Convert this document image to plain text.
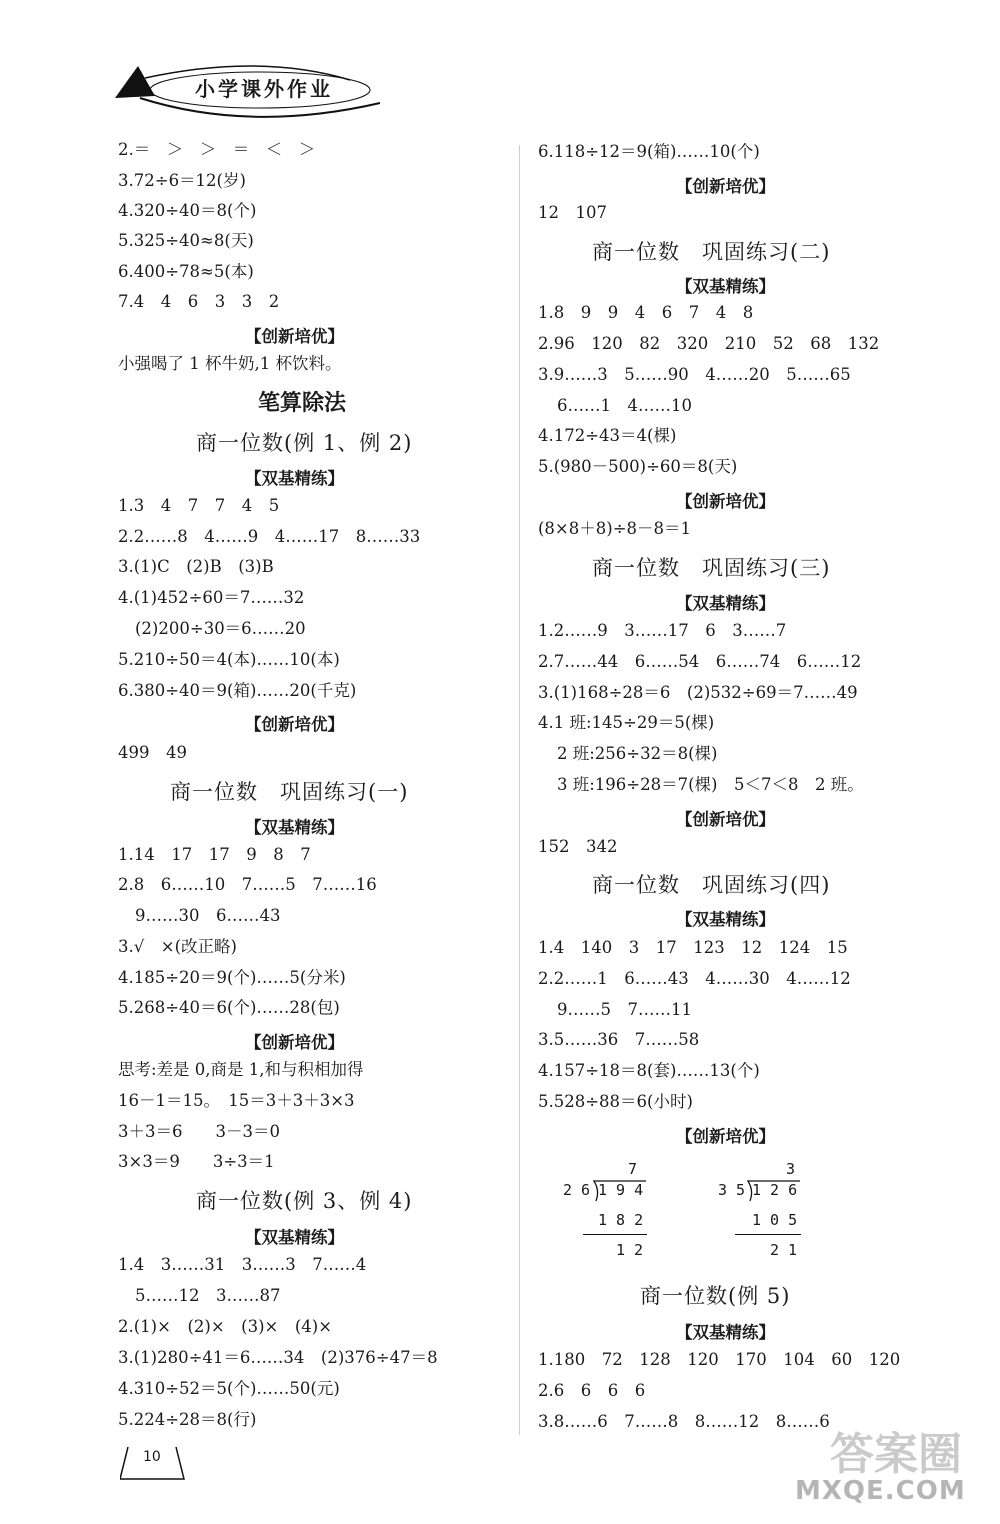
小学课外作业
2.＝　＞　＞　＝　＜　＞
3.72÷6＝12(岁)
4.320÷40＝8(个)
5.325÷40≈8(天)
6.400÷78≈5(本)
7.4　4　6　3　3　2
【创新培优】
小强喝了 1 杯牛奶,1 杯饮料。
笔算除法
商一位数(例 1、例 2)
【双基精练】
1.3　4　7　7　4　5
2.2……8　4……9　4……17　8……33
3.(1)C　(2)B　(3)B
4.(1)452÷60＝7……32
(2)200÷30＝6……20
5.210÷50＝4(本)……10(本)
6.380÷40＝9(箱)……20(千克)
【创新培优】
499　49
商一位数　巩固练习(一)
【双基精练】
1.14　17　17　9　8　7
2.8　6……10　7……5　7……16
9……30　6……43
3.√　×(改正略)
4.185÷20＝9(个)……5(分米)
5.268÷40＝6(个)……28(包)
【创新培优】
思考:差是 0,商是 1,和与积相加得
16－1＝15。　15＝3＋3＋3×3
3＋3＝6　　3－3＝0
3×3＝9　　3÷3＝1
商一位数(例 3、例 4)
【双基精练】
1.4　3……31　3……3　7……4
5……12　3……87
2.(1)×　(2)×　(3)×　(4)×
3.(1)280÷41＝6……34　(2)376÷47＝8
4.310÷52＝5(个)……50(元)
5.224÷28＝8(行)
6.118÷12＝9(箱)……10(个)
【创新培优】
12　107
商一位数　巩固练习(二)
【双基精练】
1.8　9　9　4　6　7　4　8
2.96　120　82　320　210　52　68　132
3.9……3　5……90　4……20　5……65
6……1　4……10
4.172÷43＝4(棵)
5.(980－500)÷60＝8(天)
【创新培优】
(8×8＋8)÷8－8＝1
商一位数　巩固练习(三)
【双基精练】
1.2……9　3……17　6　3……7
2.7……44　6……54　6……74　6……12
3.(1)168÷28＝6　(2)532÷69＝7……49
4.1 班:145÷29＝5(棵)
2 班:256÷32＝8(棵)
3 班:196÷28＝7(棵)　5＜7＜8　2 班。
【创新培优】
152　342
商一位数　巩固练习(四)
【双基精练】
1.4　140　3　17　123　12　124　15
2.2……1　6……43　4……30　4……12
9……5　7……11
3.5……36　7……58
4.157÷18＝8(套)……13(个)
5.528÷88＝6(小时)
【创新培优】
7
2 6 1 9 4
1 8 2
1 2
3
3 5 1 2 6
1 0 5
2 1
商一位数(例 5)
【双基精练】
1.180　72　128　120　170　104　60　120
2.6　6　6　6
3.8……6　7……8　8……12　8……6
10	答案圈
MXQE.COM
